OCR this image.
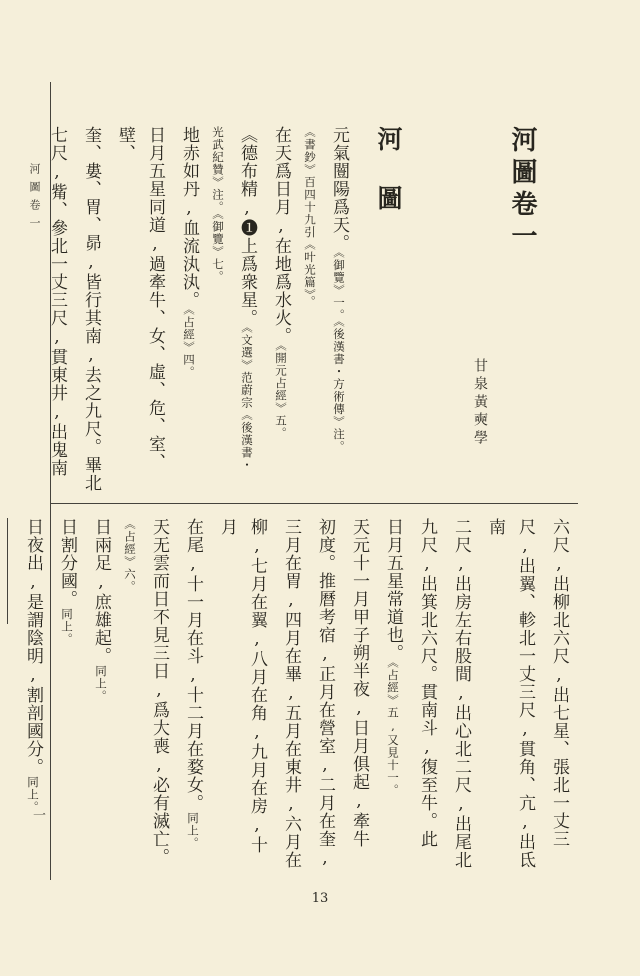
河圖卷一
一
河圖卷一
甘泉黃奭學
河圖
元氣闓陽爲天。《御覽》一。《後漢書・方術傳》注。
《書鈔》百四十九引《叶光篇》。
在天爲日月,在地爲水火。《開元占經》五。
《德布精,❶上爲衆星。《文選》范蔚宗《後漢書・
光武紀贊》注。《御覽》七。
地赤如丹,血流汍汍。《占經》四。
日月五星同道,過牽牛、女、虛、危、室、壁、
奎、婁、胃、昴,皆行其南,去之九尺。畢北
七尺,觜、參北一丈三尺,貫東井,出鬼南
六尺,出柳北六尺,出七星、張北一丈三
尺,出翼、軫北一丈三尺,貫角、亢,出氐南
二尺,出房左右股間,出心北二尺,出尾北
九尺,出箕北六尺。貫南斗,復至牛。此
日月五星常道也。《占經》五,又見十一。
天元十一月甲子朔半夜,日月俱起,牽牛
初度。推曆考宿,正月在營室,二月在奎,
三月在胃,四月在畢,五月在東井,六月在
柳,七月在翼,八月在角,九月在房,十月
在尾,十一月在斗,十二月在婺女。同上。
天无雲而日不見三日,爲大喪,必有滅亡。
《占經》六。
日兩足,庶雄起。同上。
日割分國。同上。
日夜出,是謂陰明,割剖國分。同上。
13
